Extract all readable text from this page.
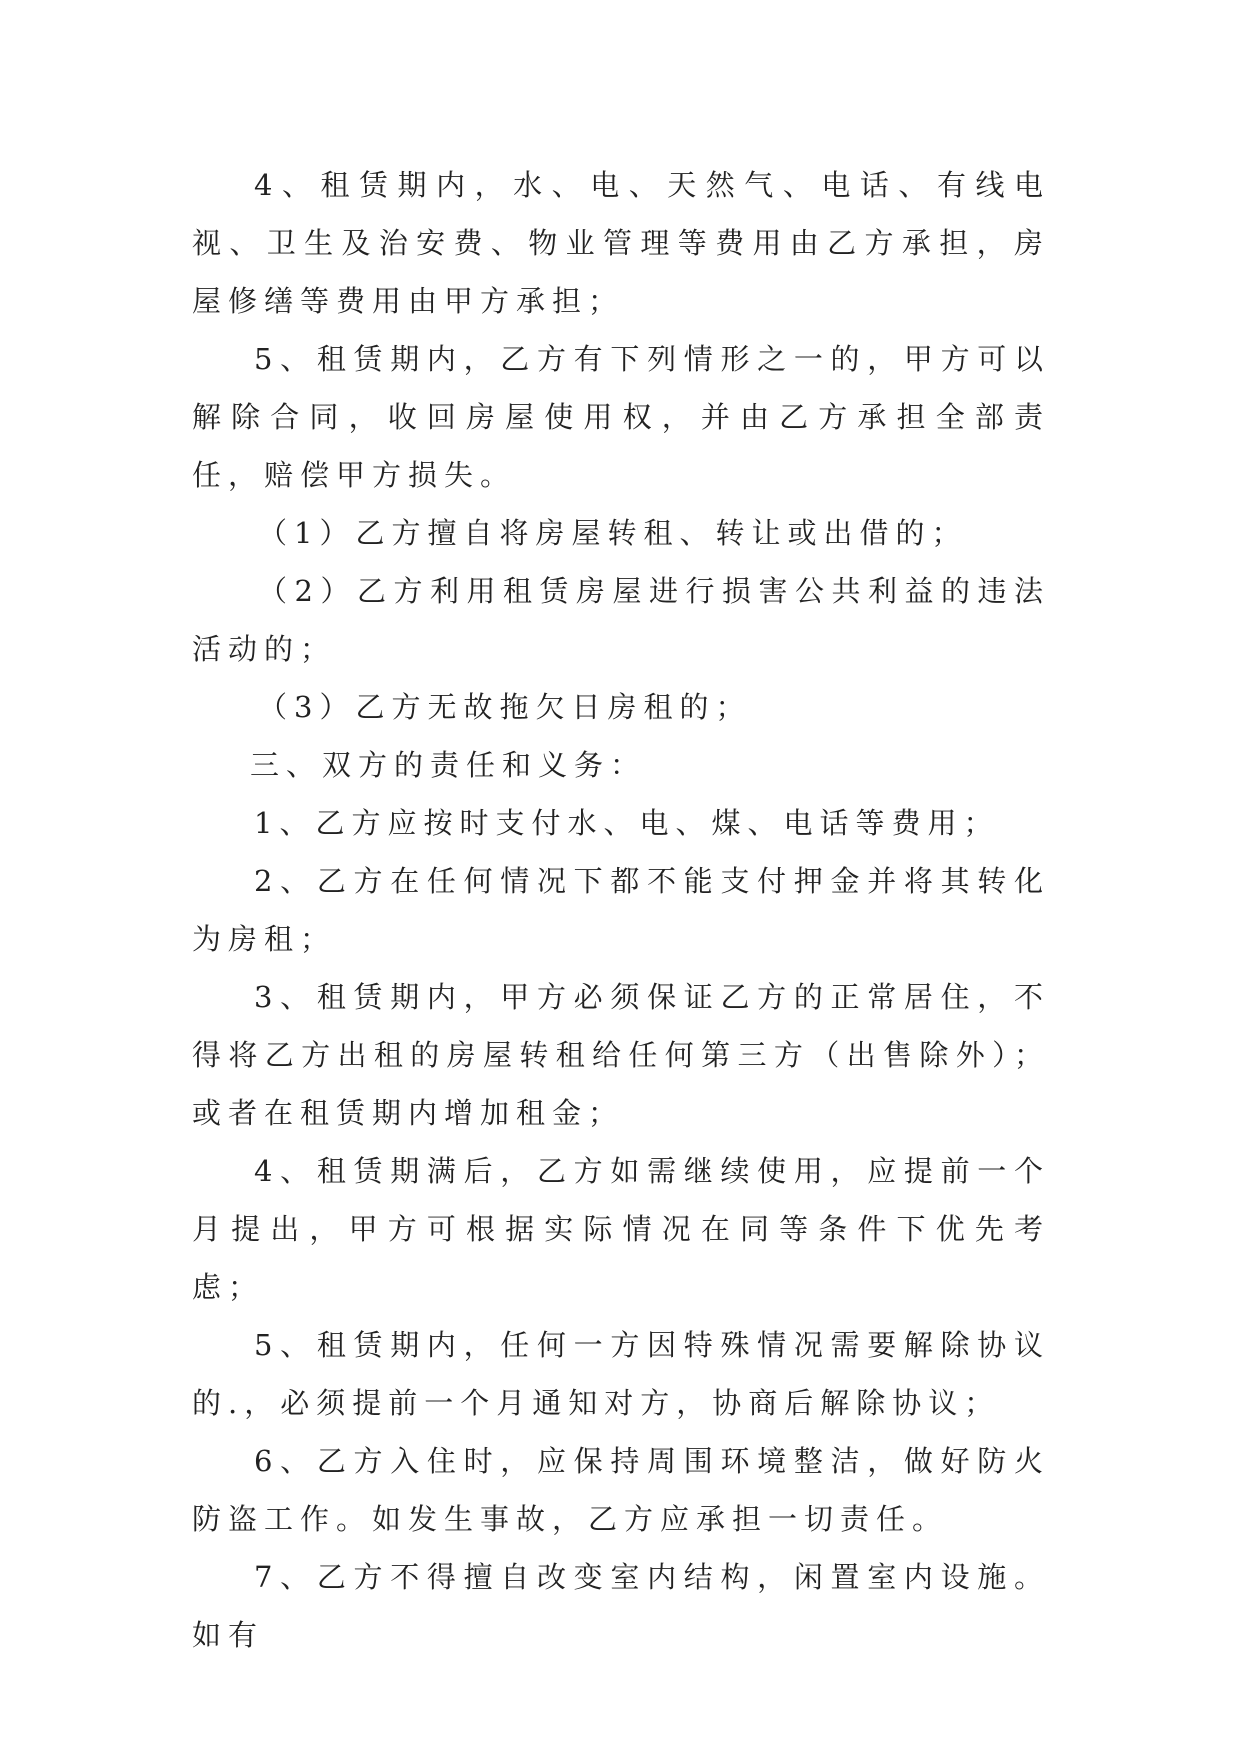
4、租赁期内，水、电、天然气、电话、有线电视、卫生及治安费、物业管理等费用由乙方承担，房屋修缮等费用由甲方承担；

5、租赁期内，乙方有下列情形之一的，甲方可以解除合同，收回房屋使用权，并由乙方承担全部责任，赔偿甲方损失。

（1）乙方擅自将房屋转租、转让或出借的；

（2）乙方利用租赁房屋进行损害公共利益的违法活动的；

（3）乙方无故拖欠日房租的；

三、双方的责任和义务：

1、乙方应按时支付水、电、煤、电话等费用；

2、乙方在任何情况下都不能支付押金并将其转化为房租；

3、租赁期内，甲方必须保证乙方的正常居住，不得将乙方出租的房屋转租给任何第三方（出售除外）；或者在租赁期内增加租金；

4、租赁期满后，乙方如需继续使用，应提前一个月提出，甲方可根据实际情况在同等条件下优先考虑；

5、租赁期内，任何一方因特殊情况需要解除协议的.，必须提前一个月通知对方，协商后解除协议；

6、乙方入住时，应保持周围环境整洁，做好防火防盗工作。如发生事故，乙方应承担一切责任。

7、乙方不得擅自改变室内结构，闲置室内设施。如有
